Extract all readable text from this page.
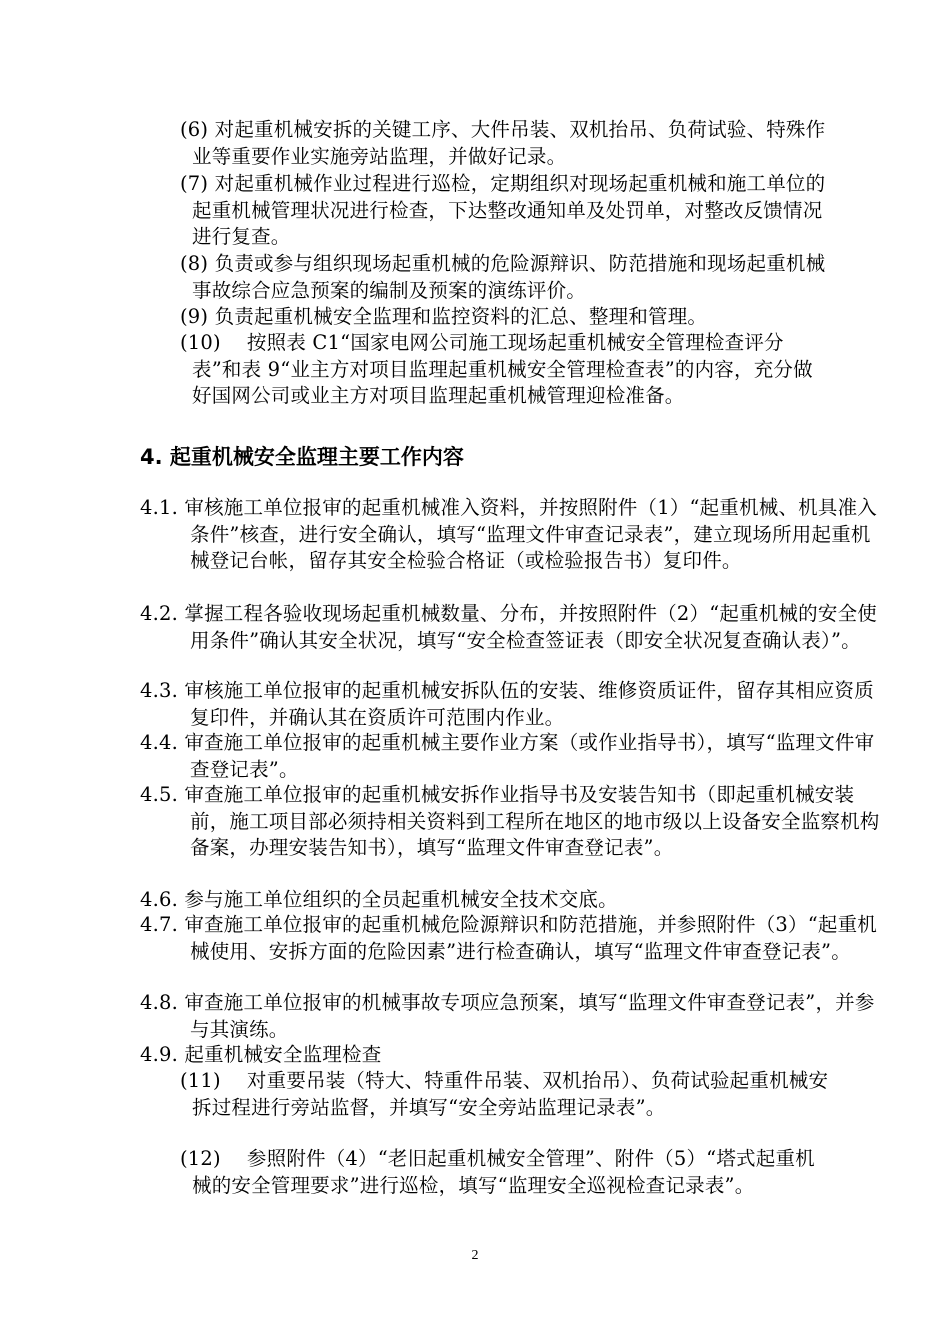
(6) 对起重机械安拆的关键工序、大件吊装、双机抬吊、负荷试验、特殊作业等重要作业实施旁站监理，并做好记录。

(7) 对起重机械作业过程进行巡检，定期组织对现场起重机械和施工单位的起重机械管理状况进行检查，下达整改通知单及处罚单，对整改反馈情况进行复查。

(8) 负责或参与组织现场起重机械的危险源辩识、防范措施和现场起重机械事故综合应急预案的编制及预案的演练评价。

(9) 负责起重机械安全监理和监控资料的汇总、整理和管理。

(10)　 按照表 C1“国家电网公司施工现场起重机械安全管理检查评分表”和表 9“业主方对项目监理起重机械安全管理检查表”的内容，充分做好国网公司或业主方对项目监理起重机械管理迎检准备。

4. 起重机械安全监理主要工作内容

4.1. 审核施工单位报审的起重机械准入资料，并按照附件（1）“起重机械、机具准入条件”核查，进行安全确认，填写“监理文件审查记录表”，建立现场所用起重机械登记台帐，留存其安全检验合格证（或检验报告书）复印件。

4.2. 掌握工程各验收现场起重机械数量、分布，并按照附件（2）“起重机械的安全使用条件”确认其安全状况，填写“安全检查签证表（即安全状况复查确认表）”。

4.3. 审核施工单位报审的起重机械安拆队伍的安装、维修资质证件，留存其相应资质复印件，并确认其在资质许可范围内作业。

4.4. 审查施工单位报审的起重机械主要作业方案（或作业指导书），填写“监理文件审查登记表”。

4.5. 审查施工单位报审的起重机械安拆作业指导书及安装告知书（即起重机械安装前，施工项目部必须持相关资料到工程所在地区的地市级以上设备安全监察机构备案，办理安装告知书），填写“监理文件审查登记表”。

4.6. 参与施工单位组织的全员起重机械安全技术交底。

4.7. 审查施工单位报审的起重机械危险源辩识和防范措施，并参照附件（3）“起重机械使用、安拆方面的危险因素”进行检查确认，填写“监理文件审查登记表”。

4.8. 审查施工单位报审的机械事故专项应急预案，填写“监理文件审查登记表”，并参与其演练。

4.9. 起重机械安全监理检查

(11)　 对重要吊装（特大、特重件吊装、双机抬吊）、负荷试验起重机械安拆过程进行旁站监督，并填写“安全旁站监理记录表”。

(12)　 参照附件（4）“老旧起重机械安全管理”、附件（5）“塔式起重机械的安全管理要求”进行巡检，填写“监理安全巡视检查记录表”。

2
